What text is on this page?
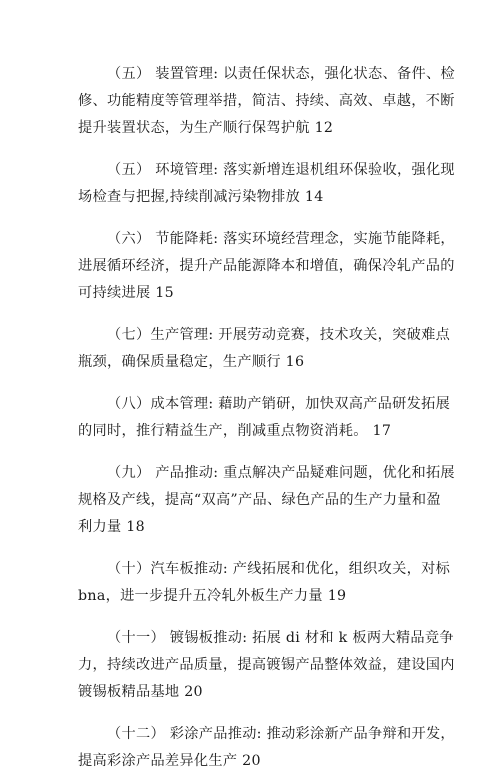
（五） 装置管理: 以责任保状态，强化状态、备件、检
修、功能精度等管理举措，简洁、持续、高效、卓越，不断
提升装置状态，为生产顺行保驾护航 12
（五） 环境管理: 落实新增连退机组环保验收，强化现
场检查与把握,持续削减污染物排放 14
（六） 节能降耗: 落实环境经营理念，实施节能降耗，
进展循环经济，提升产品能源降本和增值，确保冷轧产品的
可持续进展 15
（七）生产管理: 开展劳动竞赛，技术攻关，突破难点
瓶颈，确保质量稳定，生产顺行 16
（八）成本管理: 藉助产销研，加快双高产品研发拓展
的同时，推行精益生产，削减重点物资消耗。 17
（九） 产品推动: 重点解决产品疑难问题，优化和拓展
规格及产线，提高“双高”产品、绿色产品的生产力量和盈
利力量 18
（十）汽车板推动: 产线拓展和优化，组织攻关，对标
bna，进一步提升五冷轧外板生产力量 19
（十一） 镀锡板推动: 拓展 di 材和 k 板两大精品竞争
力，持续改进产品质量，提高镀锡产品整体效益，建设国内
镀锡板精品基地 20
（十二） 彩涂产品推动: 推动彩涂新产品争辩和开发，
提高彩涂产品差异化生产 20
